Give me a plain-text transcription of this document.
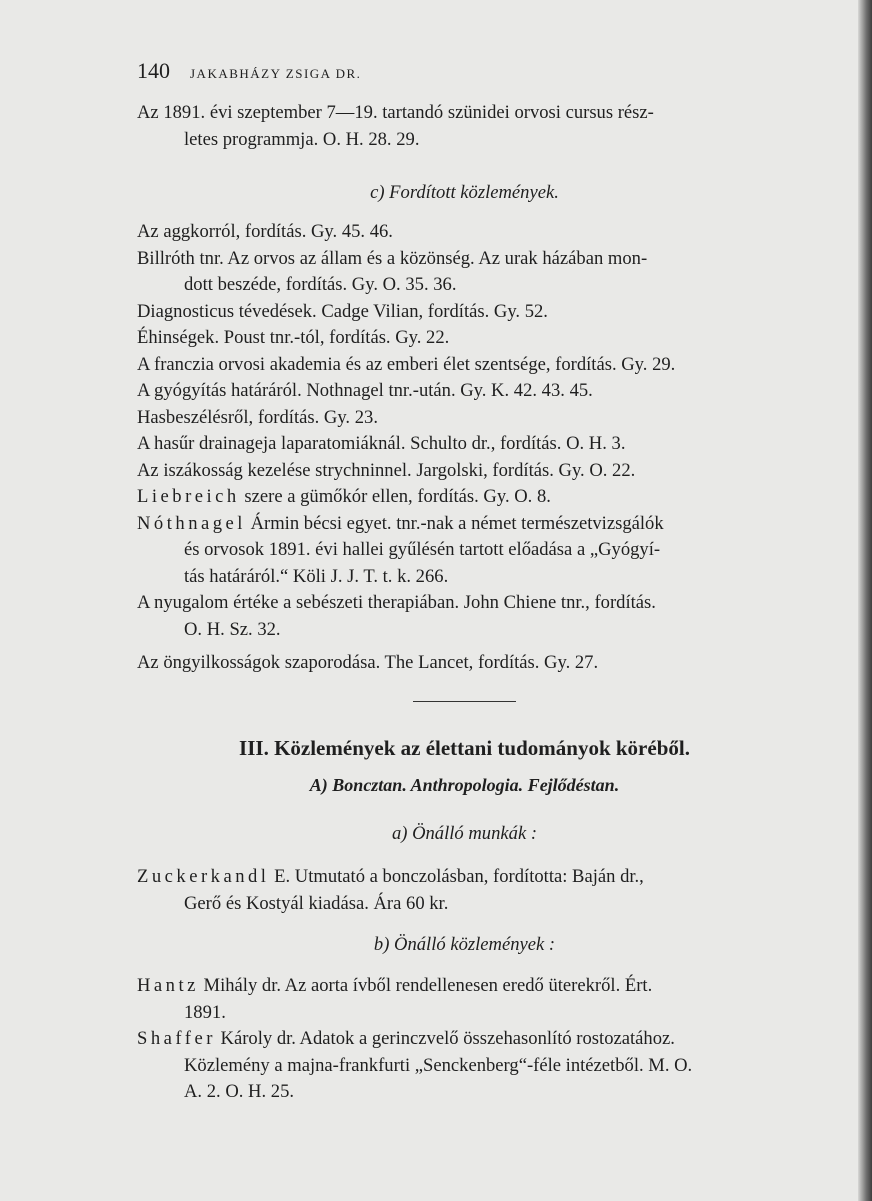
140 JAKABHÁZY ZSIGA DR.

Az 1891. évi szeptember 7—19. tartandó szünidei orvosi cursus rész-

letes programmja. O. H. 28. 29.

c) Fordított közlemények.

Az aggkorról, fordítás. Gy. 45. 46.

Billróth tnr. Az orvos az állam és a közönség. Az urak házában mon-

dott beszéde, fordítás. Gy. O. 35. 36.

Diagnosticus tévedések. Cadge Vilian, fordítás. Gy. 52.

Éhinségek. Poust tnr.-tól, fordítás. Gy. 22.

A franczia orvosi akademia és az emberi élet szentsége, fordítás. Gy. 29.

A gyógyítás határáról. Nothnagel tnr.-után. Gy. K. 42. 43. 45.

Hasbeszélésről, fordítás. Gy. 23.

A hasűr drainageja laparatomiáknál. Schulto dr., fordítás. O. H. 3.

Az iszákosság kezelése strychninnel. Jargolski, fordítás. Gy. O. 22.

Liebreich szere a gümőkór ellen, fordítás. Gy. O. 8.

Nóthnagel Ármin bécsi egyet. tnr.-nak a német természetvizsgálók

és orvosok 1891. évi hallei gyűlésén tartott előadása a „Gyógyí-

tás határáról.“ Köli J. J. T. t. k. 266.

A nyugalom értéke a sebészeti therapiában. John Chiene tnr., fordítás.

O. H. Sz. 32.

Az öngyilkosságok szaporodása. The Lancet, fordítás. Gy. 27.

III. Közlemények az élettani tudományok köréből.

A) Boncztan. Anthropologia. Fejlődéstan.

a) Önálló munkák :

Zuckerkandl E. Utmutató a bonczolásban, fordította: Baján dr.,

Gerő és Kostyál kiadása. Ára 60 kr.

b) Önálló közlemények :

Hantz Mihály dr. Az aorta ívből rendellenesen eredő üterekről. Ért.

1891.

Shaffer Károly dr. Adatok a gerinczvelő összehasonlító rostozatához.

Közlemény a majna-frankfurti „Senckenberg“-féle intézetből. M. O.

A. 2. O. H. 25.
